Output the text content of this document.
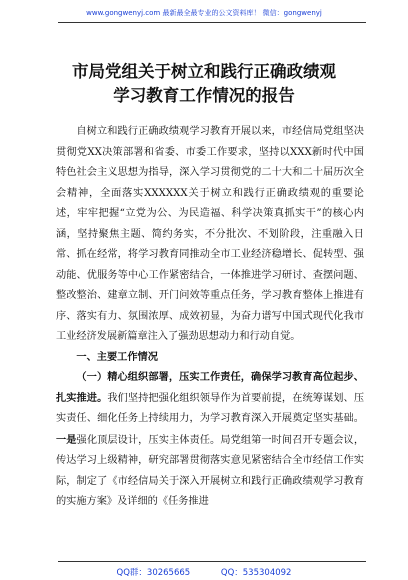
www.gongwenyj.com 最新最全最专业的公文资料库！ 微信：gongwenyj
市局党组关于树立和践行正确政绩观
学习教育工作情况的报告

自树立和践行正确政绩观学习教育开展以来，市经信局党组坚决贯彻党XX决策部署和省委、市委工作要求，坚持以XXX新时代中国特色社会主义思想为指导，深入学习贯彻党的二十大和二十届历次全会精神，全面落实XXXXXX关于树立和践行正确政绩观的重要论述，牢牢把握“立党为公、为民造福、科学决策真抓实干”的核心内涵，坚持聚焦主题、简约务实，不分批次、不划阶段，注重融入日常、抓在经常，将学习教育同推动全市工业经济稳增长、促转型、强动能、优服务等中心工作紧密结合，一体推进学习研讨、查摆问题、整改整治、建章立制、开门问效等重点任务，学习教育整体上推进有序、落实有力、氛围浓厚、成效初显，为奋力谱写中国式现代化我市工业经济发展新篇章注入了强劲思想动力和行动自觉。

一、主要工作情况

（一）精心组织部署，压实工作责任，确保学习教育高位起步、扎实推进。我们坚持把强化组织领导作为首要前提，在统筹谋划、压实责任、细化任务上持续用力，为学习教育深入开展奠定坚实基础。一是强化顶层设计，压实主体责任。局党组第一时间召开专题会议，传达学习上级精神，研究部署贯彻落实意见紧密结合全市经信工作实际，制定了《市经信局关于深入开展树立和践行正确政绩观学习教育的实施方案》及详细的《任务推进

QQ群：30265665 QQ：535304092
